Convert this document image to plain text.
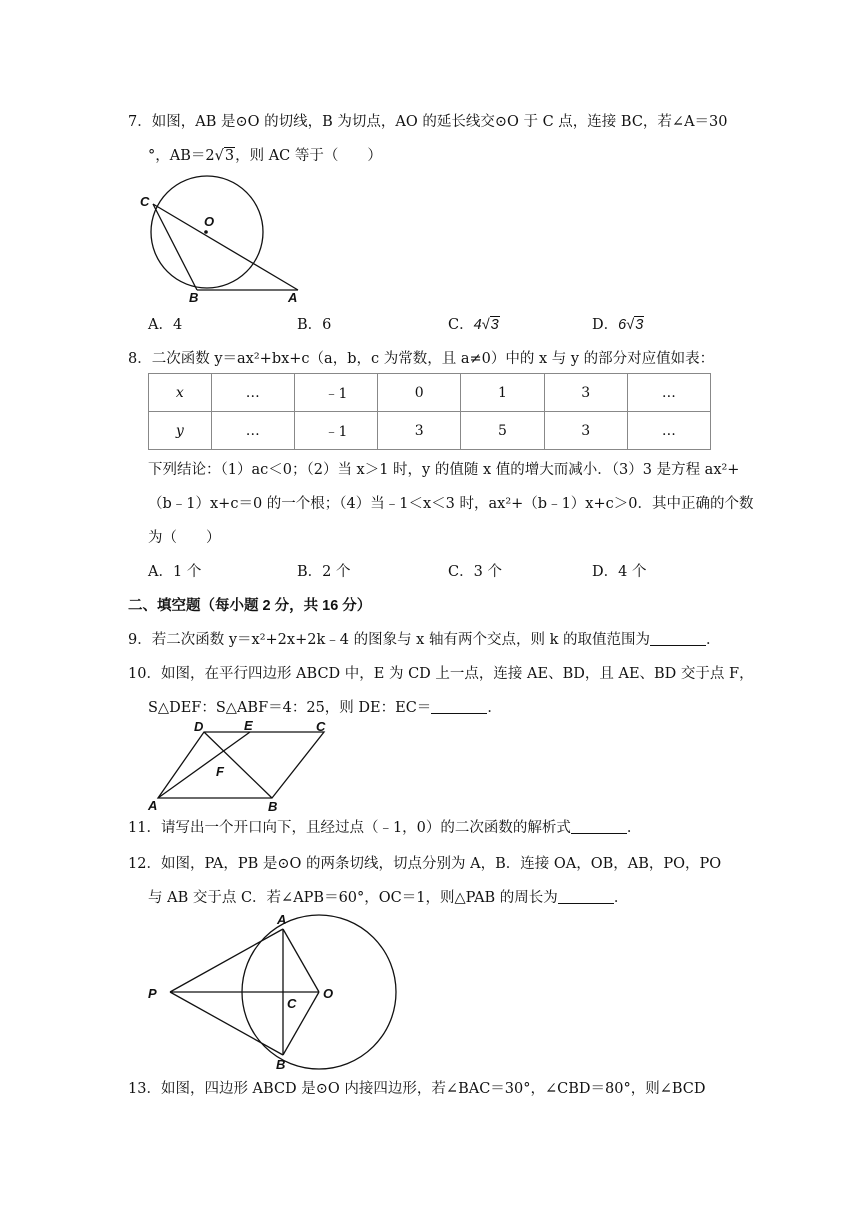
7．如图，AB 是⊙O 的切线，B 为切点，AO 的延长线交⊙O 于 C 点，连接 BC，若∠A＝30
°，AB＝2√3，则 AC 等于（　　）
C
O
B	A
A．4	B．6	C．4√3	D．6√3
8．二次函数 y＝ax²+bx+c（a，b，c 为常数，且 a≠0）中的 x 与 y 的部分对应值如表：
x	…	﹣1	0	1	3	…
y	…	﹣1	3	5	3	…
下列结论：（1）ac＜0；（2）当 x＞1 时，y 的值随 x 值的增大而减小．（3）3 是方程 ax²+
（b﹣1）x+c＝0 的一个根；（4）当﹣1＜x＜3 时，ax²+（b﹣1）x+c＞0．其中正确的个数
为（　　）
A．1 个	B．2 个	C．3 个	D．4 个
二、填空题（每小题 2 分，共 16 分）
9．若二次函数 y＝x²+2x+2k﹣4 的图象与 x 轴有两个交点，则 k 的取值范围为	．
10．如图，在平行四边形 ABCD 中，E 为 CD 上一点，连接 AE、BD，且 AE、BD 交于点 F，
S△DEF：S△ABF＝4：25，则 DE：EC＝	．
D	E	C
F
A	B
11．请写出一个开口向下，且经过点（﹣1，0）的二次函数的解析式	．
12．如图，PA，PB 是⊙O 的两条切线，切点分别为 A，B．连接 OA，OB，AB，PO，PO
与 AB 交于点 C．若∠APB＝60°，OC＝1，则△PAB 的周长为	．
A
P
C
O
B
13．如图，四边形 ABCD 是⊙O 内接四边形，若∠BAC＝30°，∠CBD＝80°，则∠BCD
